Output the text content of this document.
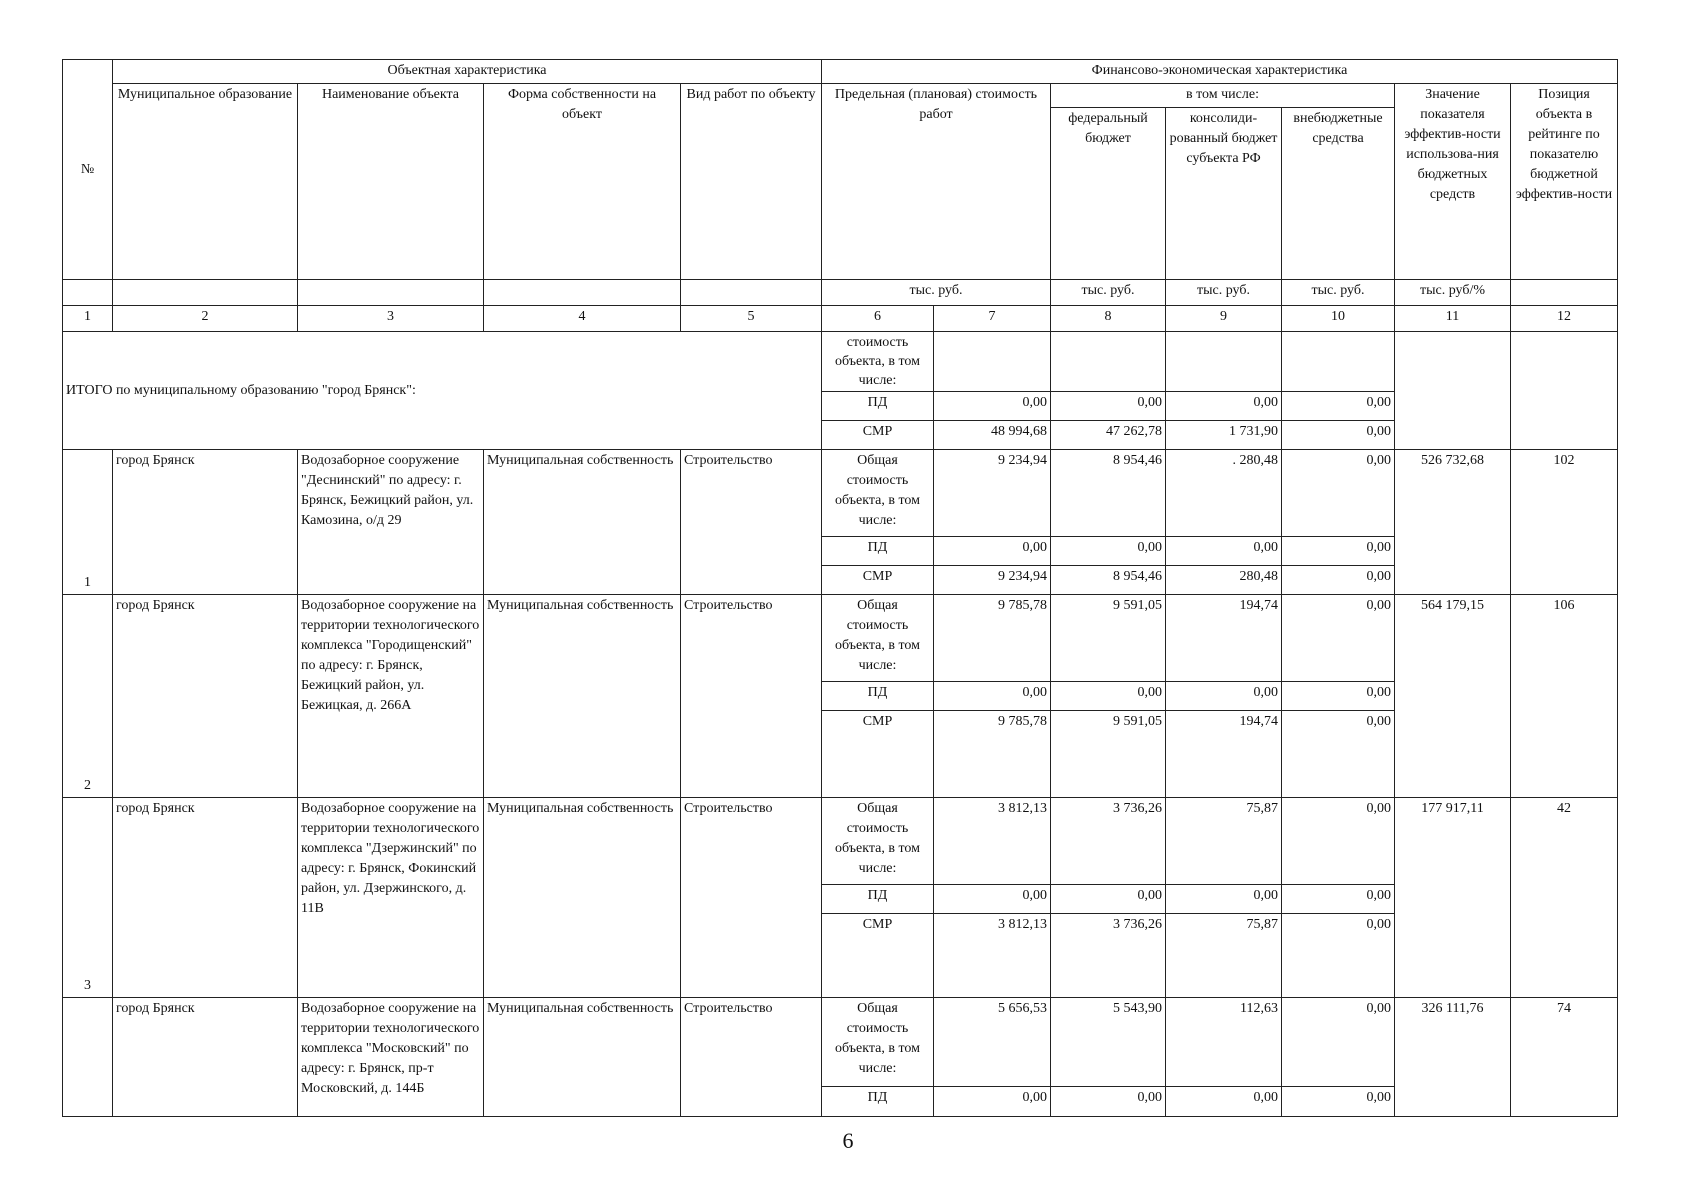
№	Объектная характеристика				Финансово-экономическая характеристика						
	Муниципальное образование	Наименование объекта	Форма собственности на объект	Вид работ по объекту	Предельная (плановая) стоимость работ		в том числе:			Значение показателя эффектив-ности использова-ния бюджетных средств	Позиция объекта в рейтинге по показателю бюджетной эффектив-ности
							федеральный бюджет	консолиди-рованный бюджет субъекта РФ	внебюджетные средства		
					тыс. руб.		тыс. руб.	тыс. руб.	тыс. руб.	тыс. руб/%	
1	2	3	4	5	6	7	8	9	10	11	12
ИТОГО по муниципальному образованию "город Брянск":					стоимость объекта, в том числе:						
					ПД	0,00	0,00	0,00	0,00		
					СМР	48 994,68	47 262,78	1 731,90	0,00		
1	город Брянск	Водозаборное сооружение "Деснинский" по адресу: г. Брянск, Бежицкий район, ул. Камозина, о/д 29	Муниципальная собственность	Строительство	Общая стоимость объекта, в том числе:	9 234,94	8 954,46	. 280,48	0,00	526 732,68	102
					ПД	0,00	0,00	0,00	0,00		
					СМР	9 234,94	8 954,46	280,48	0,00		
2	город Брянск	Водозаборное сооружение на территории технологического комплекса "Городищенский" по адресу: г. Брянск, Бежицкий район, ул. Бежицкая, д. 266А	Муниципальная собственность	Строительство	Общая стоимость объекта, в том числе:	9 785,78	9 591,05	194,74	0,00	564 179,15	106
					ПД	0,00	0,00	0,00	0,00		
					СМР	9 785,78	9 591,05	194,74	0,00		
3	город Брянск	Водозаборное сооружение на территории технологического комплекса "Дзержинский" по адресу: г. Брянск, Фокинский район, ул. Дзержинского, д. 11В	Муниципальная собственность	Строительство	Общая стоимость объекта, в том числе:	3 812,13	3 736,26	75,87	0,00	177 917,11	42
					ПД	0,00	0,00	0,00	0,00		
					СМР	3 812,13	3 736,26	75,87	0,00		
	город Брянск	Водозаборное сооружение на территории технологического комплекса "Московский" по адресу: г. Брянск, пр-т Московский, д. 144Б	Муниципальная собственность	Строительство	Общая стоимость объекта, в том числе:	5 656,53	5 543,90	112,63	0,00	326 111,76	74
					ПД	0,00	0,00	0,00	0,00		
6
